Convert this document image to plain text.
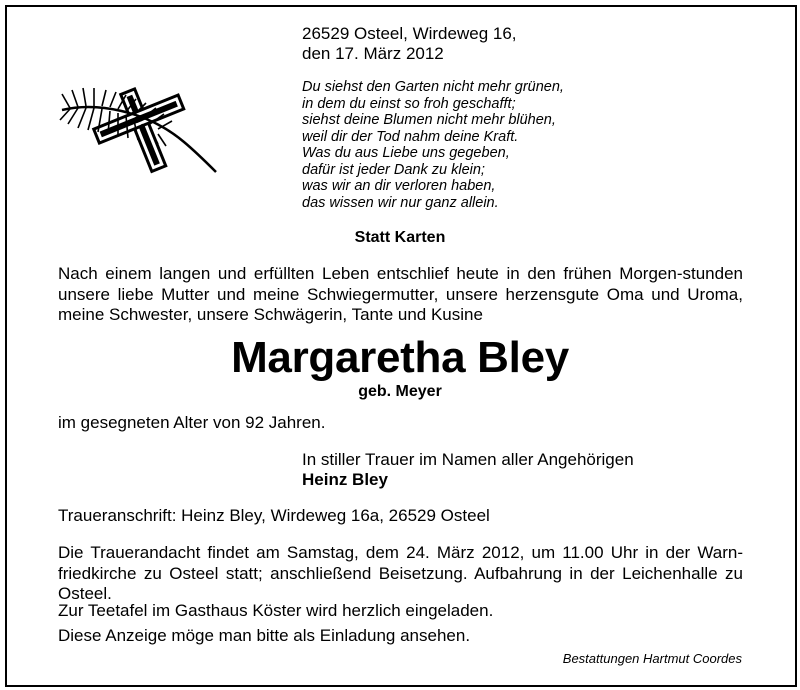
26529 Osteel, Wirdeweg 16,
den 17. März 2012
Du siehst den Garten nicht mehr grünen,
in dem du einst so froh geschafft;
siehst deine Blumen nicht mehr blühen,
weil dir der Tod nahm deine Kraft.
Was du aus Liebe uns gegeben,
dafür ist jeder Dank zu klein;
was wir an dir verloren haben,
das wissen wir nur ganz allein.
Statt Karten
Nach einem langen und erfüllten Leben entschlief heute in den frühen Morgen-stunden unsere liebe Mutter und meine Schwiegermutter, unsere herzensgute Oma und Uroma, meine Schwester, unsere Schwägerin, Tante und Kusine
Margaretha Bley
geb. Meyer
im gesegneten Alter von 92 Jahren.
In stiller Trauer im Namen aller Angehörigen
Heinz Bley
Traueranschrift: Heinz Bley, Wirdeweg 16a, 26529 Osteel
Die Trauerandacht findet am Samstag, dem 24. März 2012, um 11.00 Uhr in der Warn-friedkirche zu Osteel statt; anschließend Beisetzung. Aufbahrung in der Leichenhalle zu Osteel.
Zur Teetafel im Gasthaus Köster wird herzlich eingeladen.
Diese Anzeige möge man bitte als Einladung ansehen.
Bestattungen Hartmut Coordes
